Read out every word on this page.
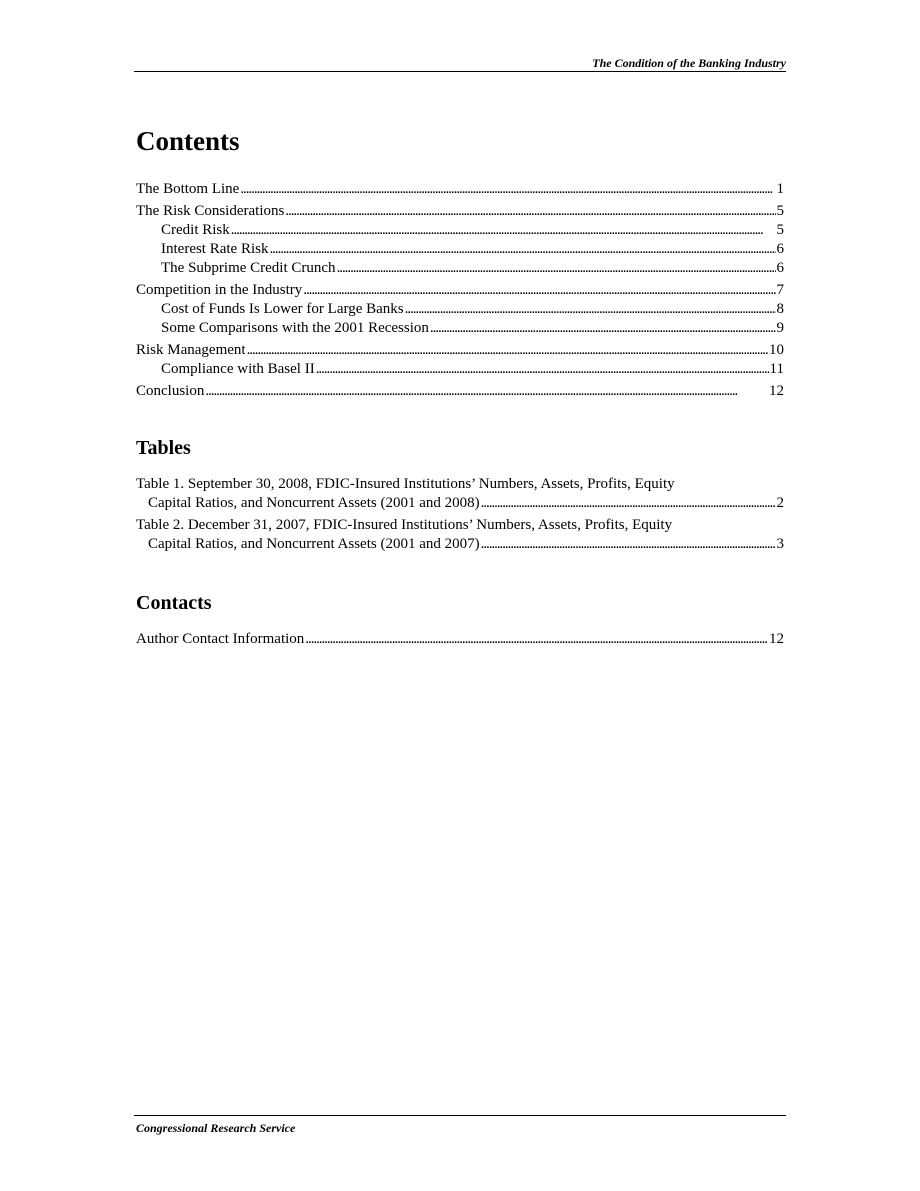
The Condition of the Banking Industry
Contents
The Bottom Line . . .	1
The Risk Considerations . . .	5
Credit Risk . . .	5
Interest Rate Risk . . .	6
The Subprime Credit Crunch . . .	6
Competition in the Industry . . .	7
Cost of Funds Is Lower for Large Banks . . .	8
Some Comparisons with the 2001 Recession . . .	9
Risk Management . . .	10
Compliance with Basel II . . .	11
Conclusion . . .	12
Tables
Table 1. September 30, 2008, FDIC-Insured Institutions’ Numbers, Assets, Profits, Equity
Capital Ratios, and Noncurrent Assets (2001 and 2008) . . .	2
Table 2. December 31, 2007, FDIC-Insured Institutions’ Numbers, Assets, Profits, Equity
Capital Ratios, and Noncurrent Assets (2001 and 2007) . . .	3
Contacts
Author Contact Information . . .	12
Congressional Research Service
